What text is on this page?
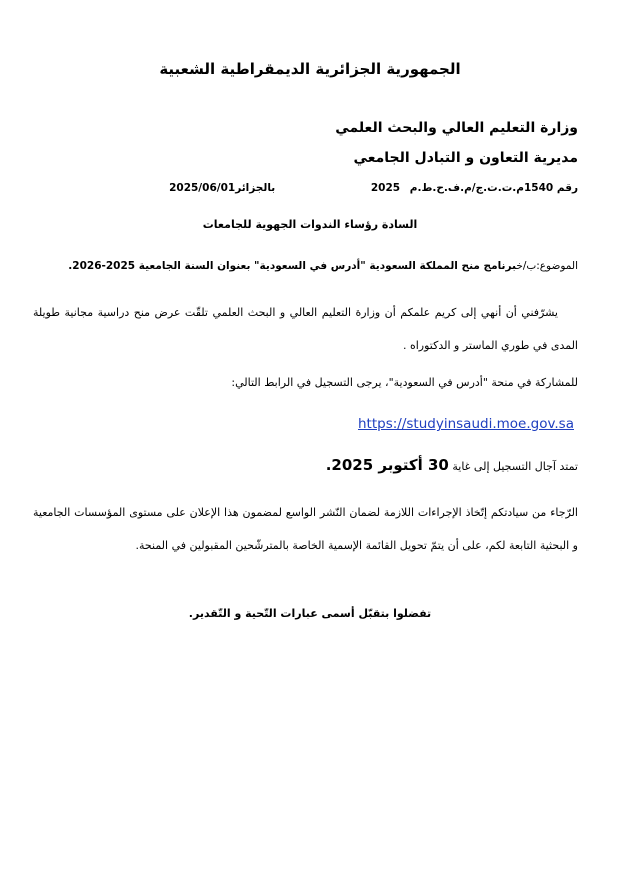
الجمهورية الجزائرية الديمقراطية الشعبية
وزارة التعليم العالي والبحث العلمي
مديرية التعاون و التبادل الجامعي
رقم 1540م.ت.ت.ج/م.ف.ح.ط.م 2025 بالجزائر2025/06/01
السادة رؤساء الندوات الجهوية للجامعات
الموضوع:ب/خبرنامج منح المملكة السعودية "أدرس في السعودية" بعنوان السنة الجامعية 2025-2026.
يشرّفني أن أنهي إلى كريم علمكم أن وزارة التعليم العالي و البحث العلمي تلقّت عرض منح دراسية مجانية طويلة المدى في طوري الماستر و الدكتوراه .
للمشاركة في منحة "أدرس في السعودية"، يرجى التسجيل في الرابط التالي:
https://studyinsaudi.moe.gov.sa
تمتد آجال التسجيل إلى غاية 30 أكتوبر 2025.
الرّجاء من سيادتكم إتّخاذ الإجراءات اللازمة لضمان النّشر الواسع لمضمون هذا الإعلان على مستوى المؤسسات الجامعية و البحثية التابعة لكم، على أن يتمّ تحويل القائمة الإسمية الخاصة بالمترشّحين المقبولين في المنحة.
تفضلوا بتقبّل أسمى عبارات التّحية و التّقدير.
